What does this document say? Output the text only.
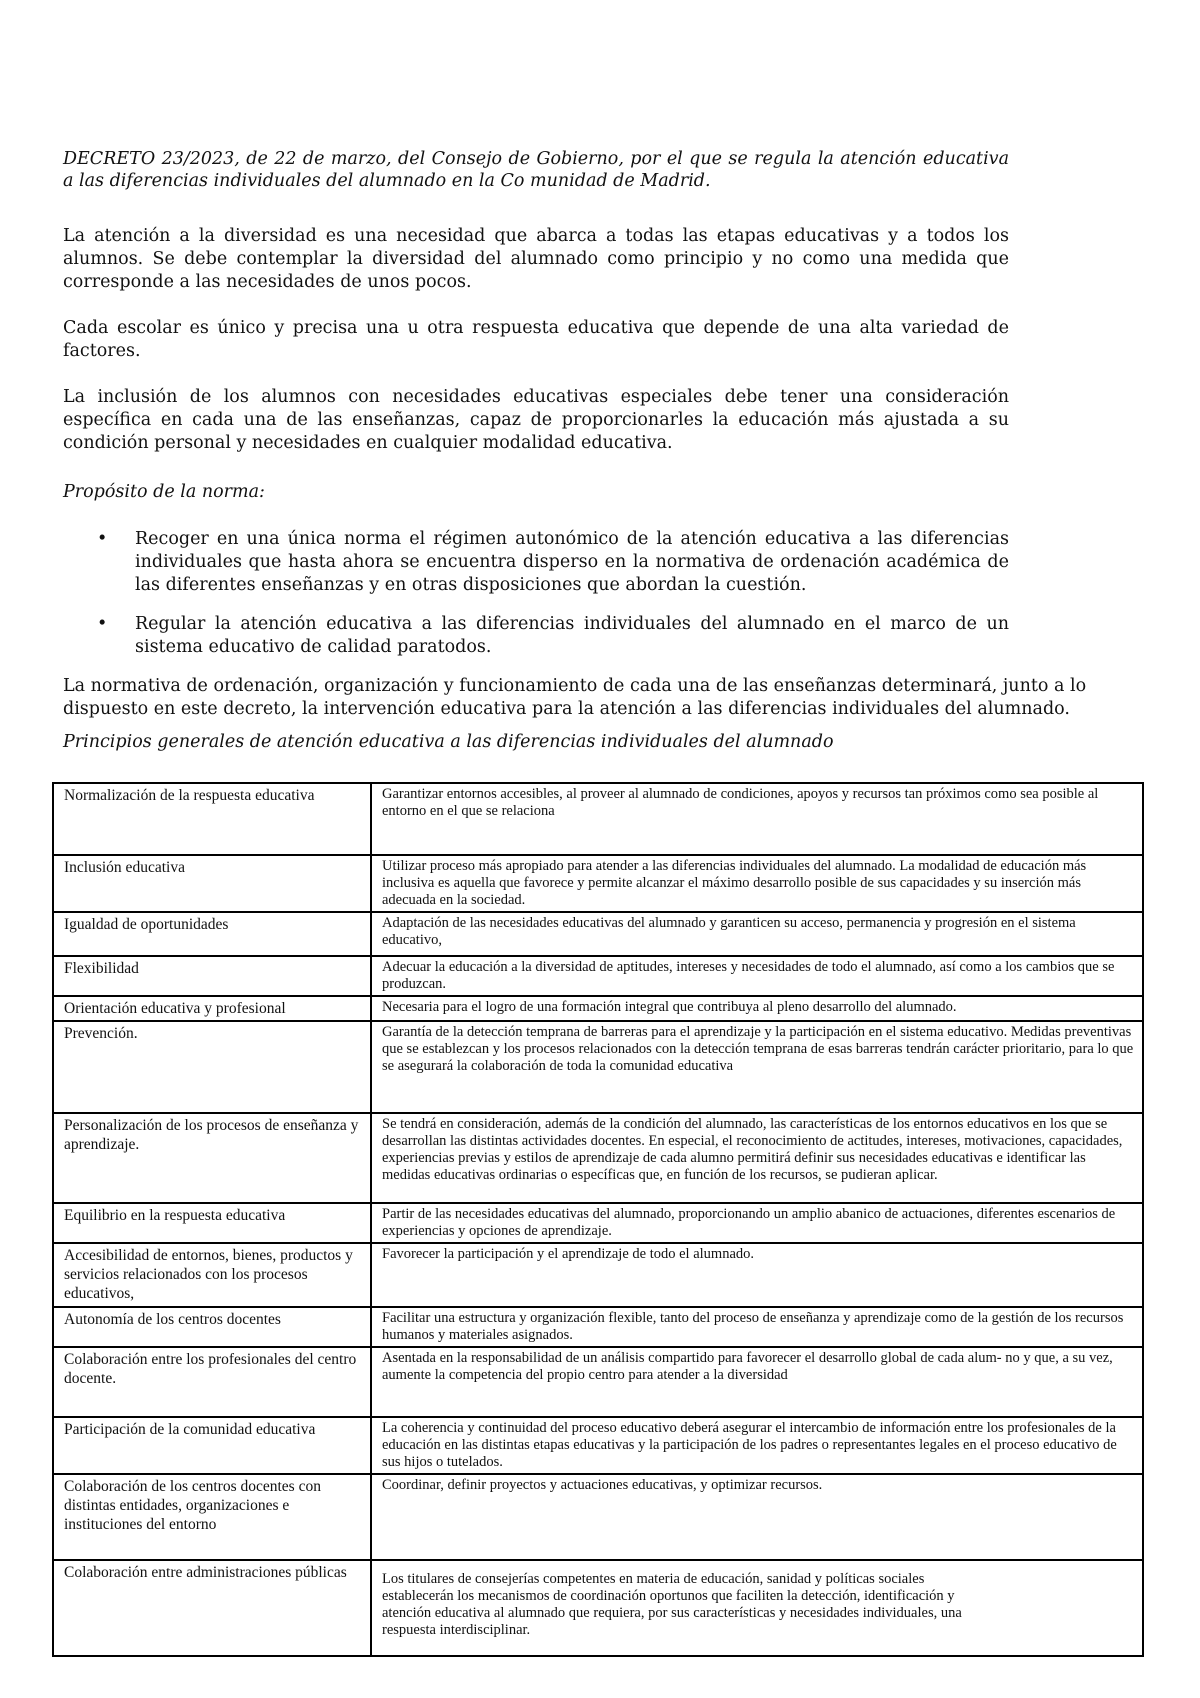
DECRETO 23/2023, de 22 de marzo, del Consejo de Gobierno, por el que se regula la atención educativa a las diferencias individuales del alumnado en la Co munidad de Madrid.

La atención a la diversidad es una necesidad que abarca a todas las etapas educativas y a todos los alumnos. Se debe contemplar la diversidad del alumnado como principio y no como una medida que corresponde a las necesidades de unos pocos.

Cada escolar es único y precisa una u otra respuesta educativa que depende de una alta variedad de factores.

La inclusión de los alumnos con necesidades educativas especiales debe tener una consideración específica en cada una de las enseñanzas, capaz de proporcionarles la educación más ajustada a su condición personal y necesidades en cualquier modalidad educativa.

Propósito de la norma:

• Recoger en una única norma el régimen autonómico de la atención educativa a las diferencias individuales que hasta ahora se encuentra disperso en la normativa de ordenación académica de las diferentes enseñanzas y en otras disposiciones que abordan la cuestión.
• Regular la atención educativa a las diferencias individuales del alumnado en el marco de un sistema educativo de calidad paratodos.

La normativa de ordenación, organización y funcionamiento de cada una de las enseñanzas determinará, junto a lo dispuesto en este decreto, la intervención educativa para la atención a las diferencias individuales del alumnado.

Principios generales de atención educativa a las diferencias individuales del alumnado

Normalización de la respuesta educativa	Garantizar entornos accesibles, al proveer al alumnado de condiciones, apoyos y recursos tan próximos como sea posible al entorno en el que se relaciona
Inclusión educativa	Utilizar proceso más apropiado para atender a las diferencias individuales del alumnado. La modalidad de educación más inclusiva es aquella que favorece y permite alcanzar el máximo desarrollo posible de sus capacidades y su inserción más adecuada en la sociedad.
Igualdad de oportunidades	Adaptación de las necesidades educativas del alumnado y garanticen su acceso, permanencia y progresión en el sistema educativo,
Flexibilidad	Adecuar la educación a la diversidad de aptitudes, intereses y necesidades de todo el alumnado, así como a los cambios que se produzcan.
Orientación educativa y profesional	Necesaria para el logro de una formación integral que contribuya al pleno desarrollo del alumnado.
Prevención.	Garantía de la detección temprana de barreras para el aprendizaje y la participación en el sistema educativo. Medidas preventivas que se establezcan y los procesos relacionados con la detección temprana de esas barreras tendrán carácter prioritario, para lo que se asegurará la colaboración de toda la comunidad educativa
Personalización de los procesos de enseñanza y aprendizaje.	Se tendrá en consideración, además de la condición del alumnado, las características de los entornos educativos en los que se desarrollan las distintas actividades docentes. En especial, el reconocimiento de actitudes, intereses, motivaciones, capacidades, experiencias previas y estilos de aprendizaje de cada alumno permitirá definir sus necesidades educativas e identificar las medidas educativas ordinarias o específicas que, en función de los recursos, se pudieran aplicar.
Equilibrio en la respuesta educativa	Partir de las necesidades educativas del alumnado, proporcionando un amplio abanico de actuaciones, diferentes escenarios de experiencias y opciones de aprendizaje.
Accesibilidad de entornos, bienes, productos y servicios relacionados con los procesos educativos,	Favorecer la participación y el aprendizaje de todo el alumnado.
Autonomía de los centros docentes	Facilitar una estructura y organización flexible, tanto del proceso de enseñanza y aprendizaje como de la gestión de los recursos humanos y materiales asignados.
Colaboración entre los profesionales del centro docente.	Asentada en la responsabilidad de un análisis compartido para favorecer el desarrollo global de cada alum- no y que, a su vez, aumente la competencia del propio centro para atender a la diversidad
Participación de la comunidad educativa	La coherencia y continuidad del proceso educativo deberá asegurar el intercambio de información entre los profesionales de la educación en las distintas etapas educativas y la participación de los padres o representantes legales en el proceso educativo de sus hijos o tutelados.
Colaboración de los centros docentes con distintas entidades, organizaciones e instituciones del entorno	Coordinar, definir proyectos y actuaciones educativas, y optimizar recursos.
Colaboración entre administraciones públicas	Los titulares de consejerías competentes en materia de educación, sanidad y políticas sociales establecerán los mecanismos de coordinación oportunos que faciliten la detección, identificación y atención educativa al alumnado que requiera, por sus características y necesidades individuales, una respuesta interdisciplinar.
